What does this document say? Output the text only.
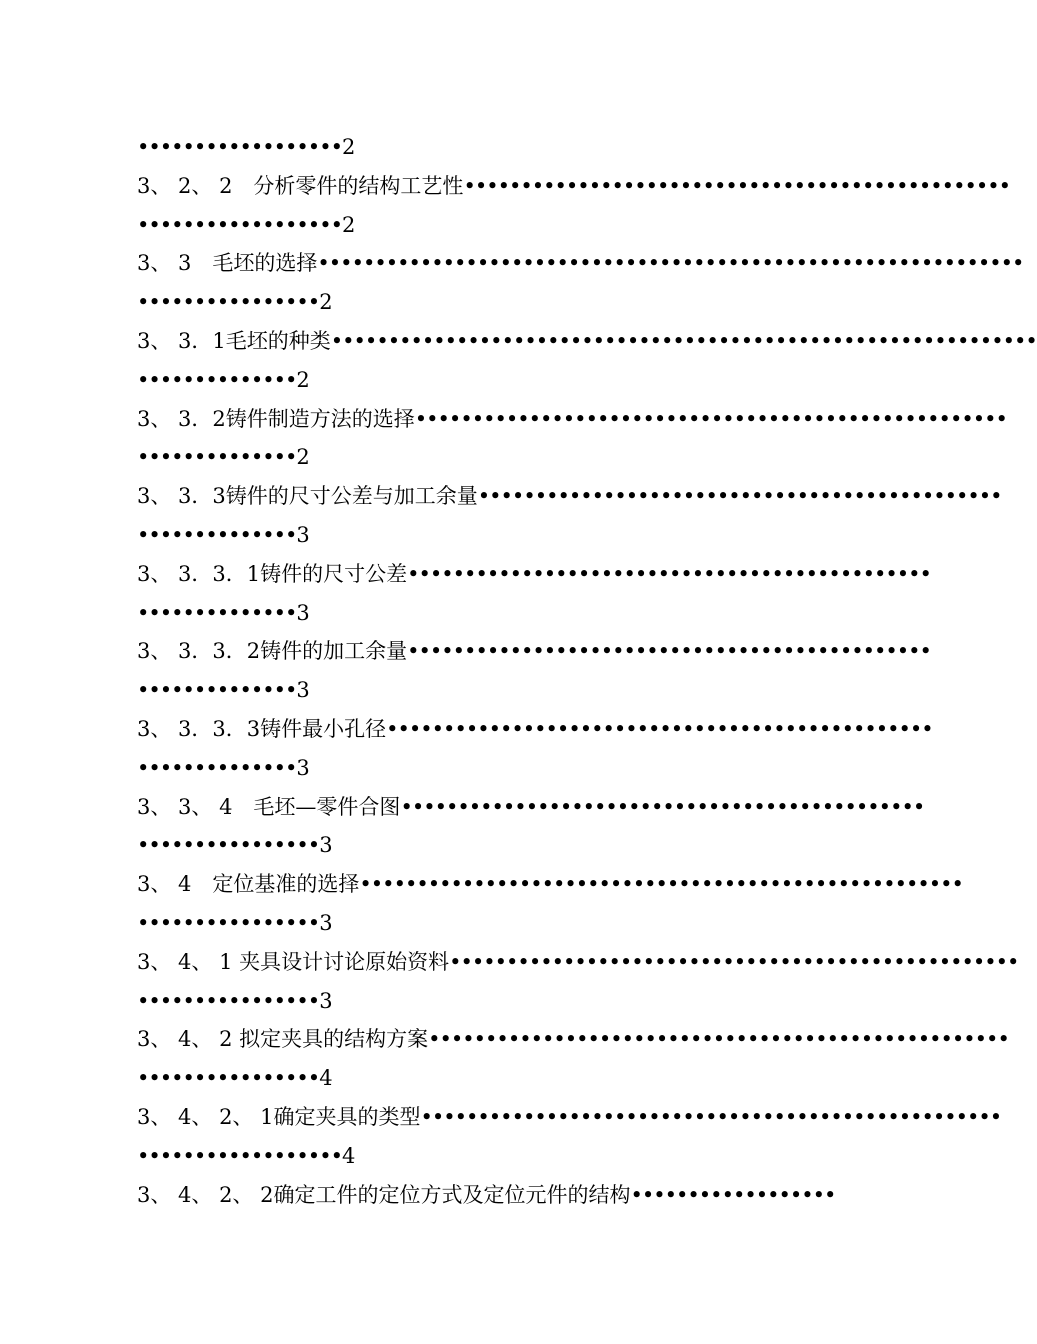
••••••••••••••••••2
3、 2、 2　分析零件的结构工艺性 ••••••••••••••••••••••••••••••••••••••••••••••••
••••••••••••••••••2
3、 3　毛坯的选择 ••••••••••••••••••••••••••••••••••••••••••••••••••••••••••••••
••••••••••••••••2
3、 3．1毛坯的种类 ••••••••••••••••••••••••••••••••••••••••••••••••••••••••••••••
••••••••••••••2
3、 3．2铸件制造方法的选择 ••••••••••••••••••••••••••••••••••••••••••••••••••••
••••••••••••••2
3、 3．3铸件的尺寸公差与加工余量 ••••••••••••••••••••••••••••••••••••••••••••••
••••••••••••••3
3、 3．3．1铸件的尺寸公差 ••••••••••••••••••••••••••••••••••••••••••••••
••••••••••••••3
3、 3．3．2铸件的加工余量 ••••••••••••••••••••••••••••••••••••••••••••••
••••••••••••••3
3、 3．3．3铸件最小孔径 ••••••••••••••••••••••••••••••••••••••••••••••••
••••••••••••••3
3、 3、 4　毛坯—零件合图 ••••••••••••••••••••••••••••••••••••••••••••••
••••••••••••••••3
3、 4　定位基准的选择 •••••••••••••••••••••••••••••••••••••••••••••••••••••
••••••••••••••••3
3、 4、 1 夹具设计讨论原始资料 ••••••••••••••••••••••••••••••••••••••••••••••••••
••••••••••••••••3
3、 4、 2 拟定夹具的结构方案 •••••••••••••••••••••••••••••••••••••••••••••••••••
••••••••••••••••4
3、 4、 2、 1确定夹具的类型 •••••••••••••••••••••••••••••••••••••••••••••••••••
••••••••••••••••••4
3、 4、 2、 2确定工件的定位方式及定位元件的结构 ••••••••••••••••••
